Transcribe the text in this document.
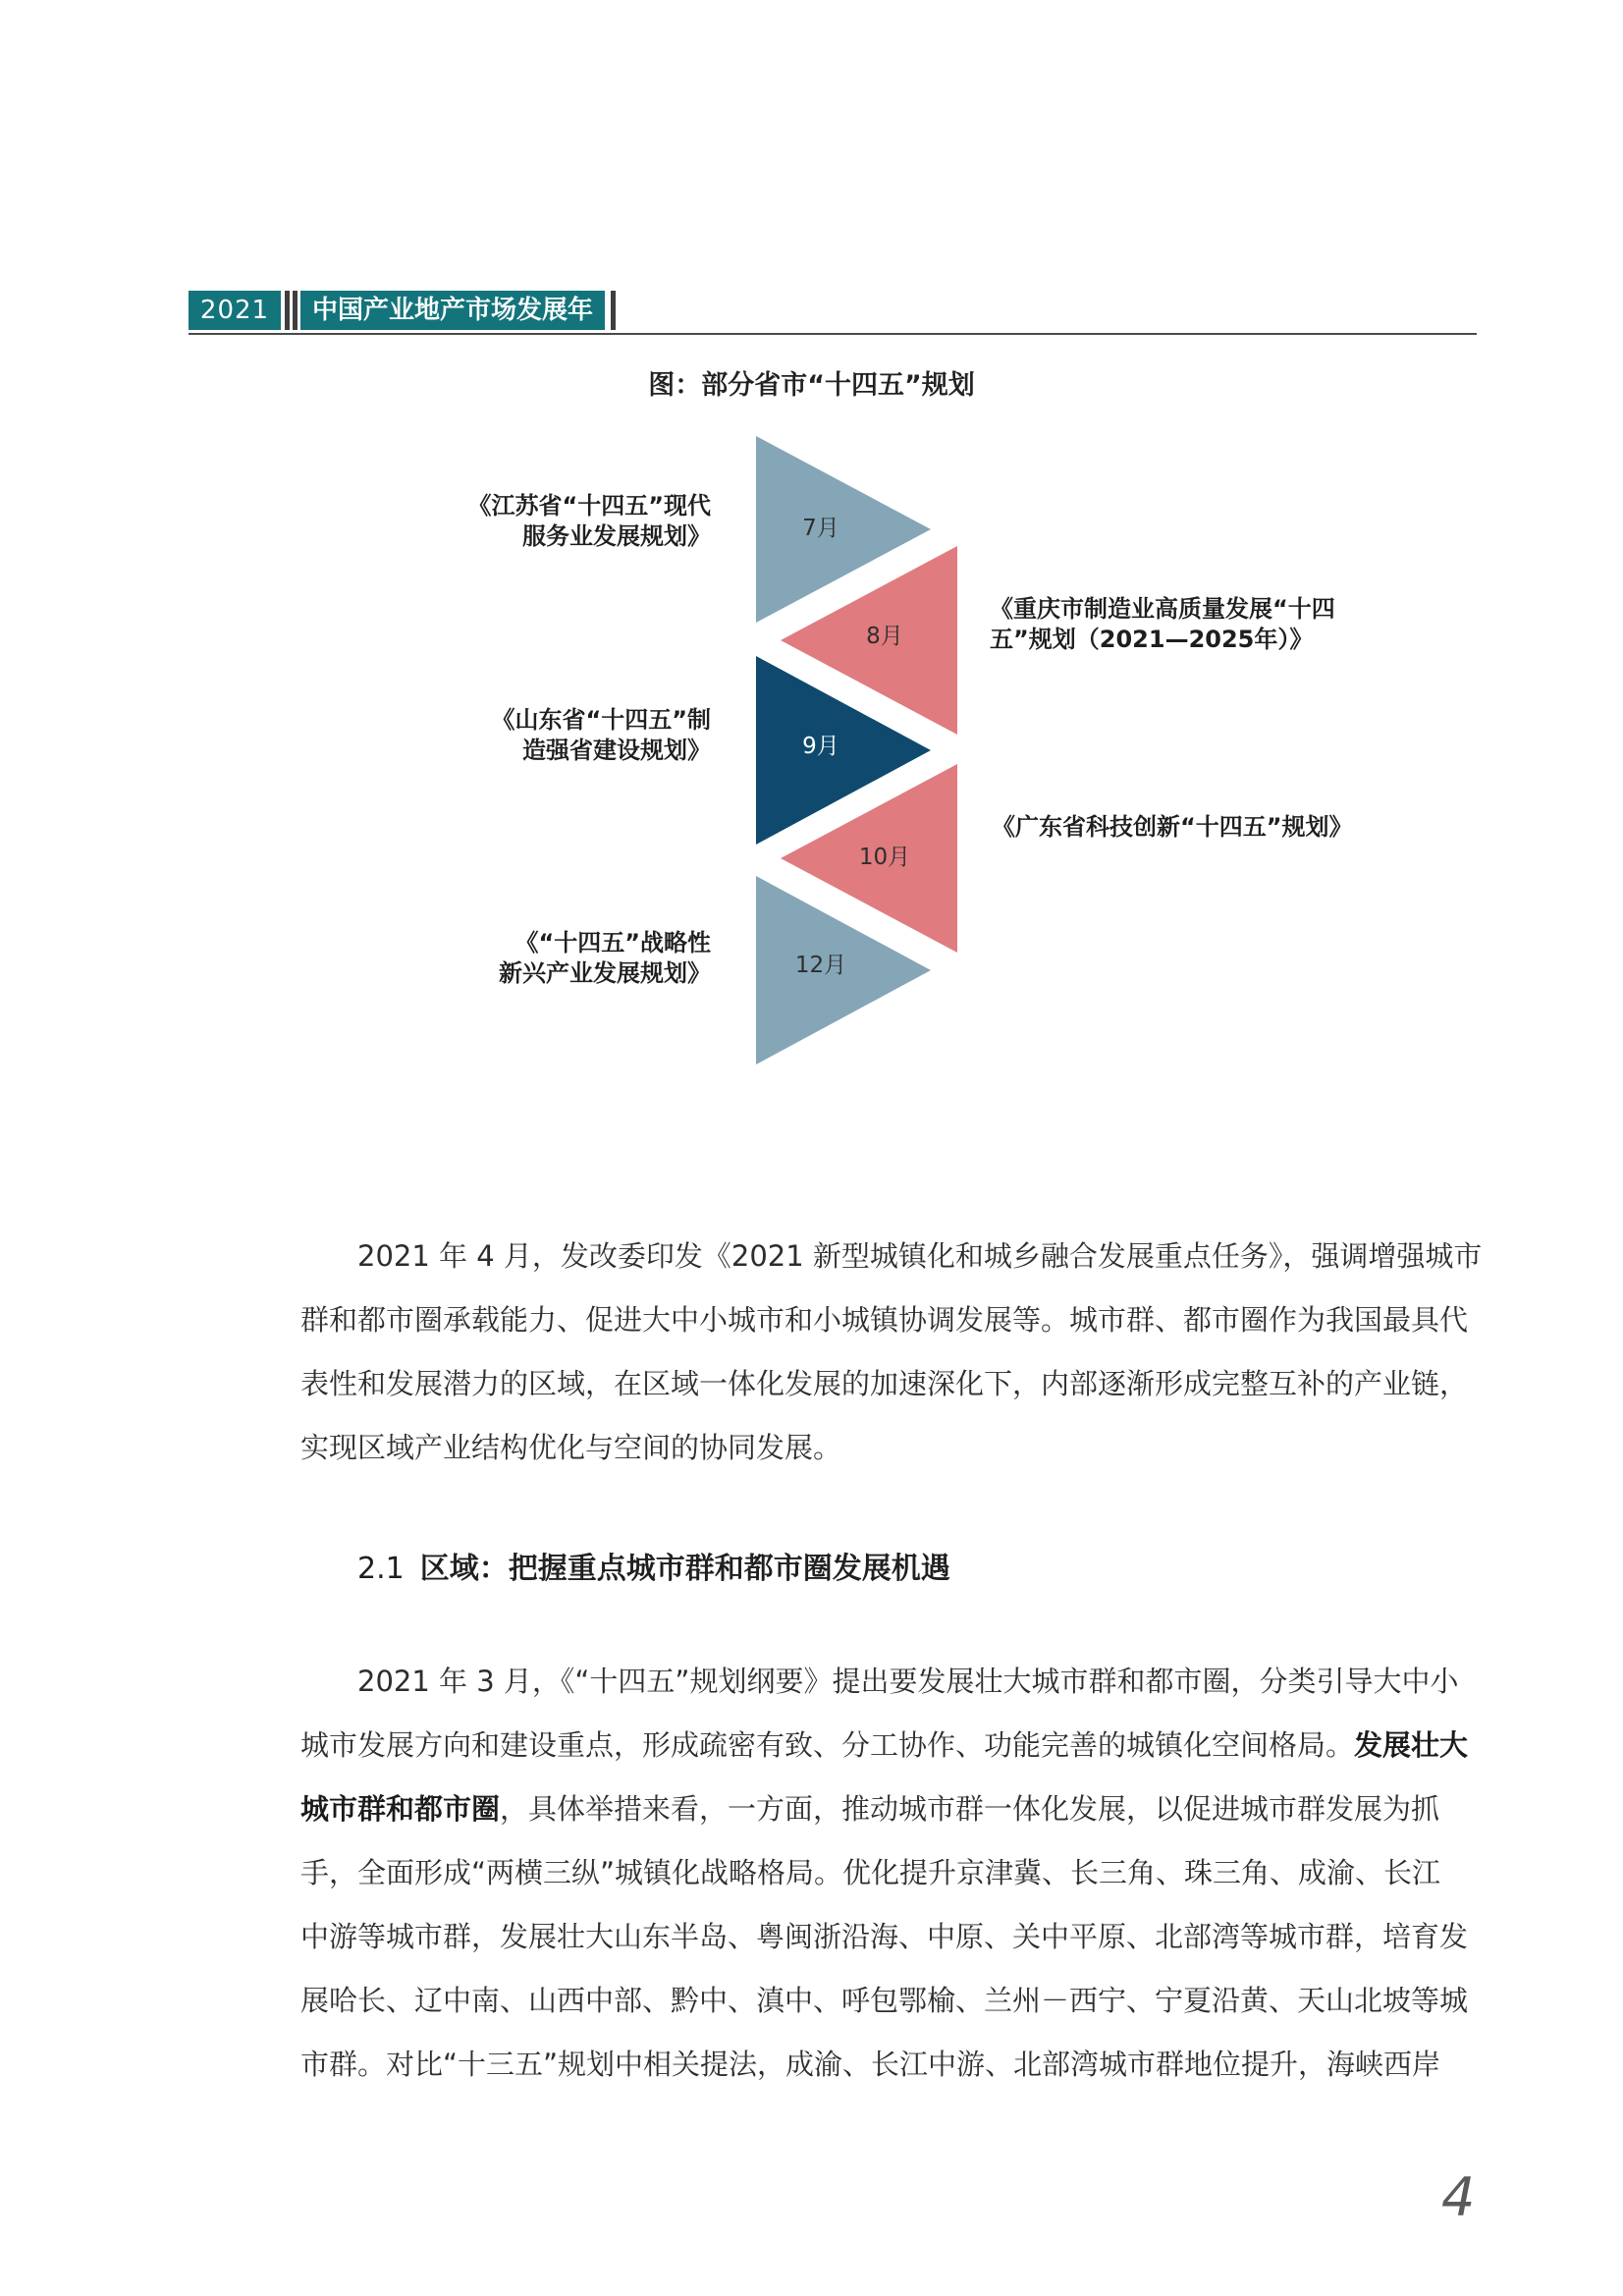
2021	中国产业地产市场发展年报
图：部分省市“十四五”规划
7月
8月
9月
10月
12月
《江苏省“十四五”现代
服务业发展规划》
《重庆市制造业高质量发展“十四
五”规划（2021—2025年）》
《山东省“十四五”制
造强省建设规划》
《广东省科技创新“十四五”规划》
《“十四五”战略性
新兴产业发展规划》
2021 年 4 月，发改委印发《2021 新型城镇化和城乡融合发展重点任务》，强调增强城市
群和都市圈承载能力、促进大中小城市和小城镇协调发展等。城市群、都市圈作为我国最具代
表性和发展潜力的区域，在区域一体化发展的加速深化下，内部逐渐形成完整互补的产业链，
实现区域产业结构优化与空间的协同发展。
2.1 区域：把握重点城市群和都市圈发展机遇
2021 年 3 月，《“十四五”规划纲要》提出要发展壮大城市群和都市圈，分类引导大中小
城市发展方向和建设重点，形成疏密有致、分工协作、功能完善的城镇化空间格局。发展壮大
城市群和都市圈，具体举措来看，一方面，推动城市群一体化发展，以促进城市群发展为抓
手，全面形成“两横三纵”城镇化战略格局。优化提升京津冀、长三角、珠三角、成渝、长江
中游等城市群，发展壮大山东半岛、粤闽浙沿海、中原、关中平原、北部湾等城市群，培育发
展哈长、辽中南、山西中部、黔中、滇中、呼包鄂榆、兰州－西宁、宁夏沿黄、天山北坡等城
市群。对比“十三五”规划中相关提法，成渝、长江中游、北部湾城市群地位提升，海峡西岸
4
